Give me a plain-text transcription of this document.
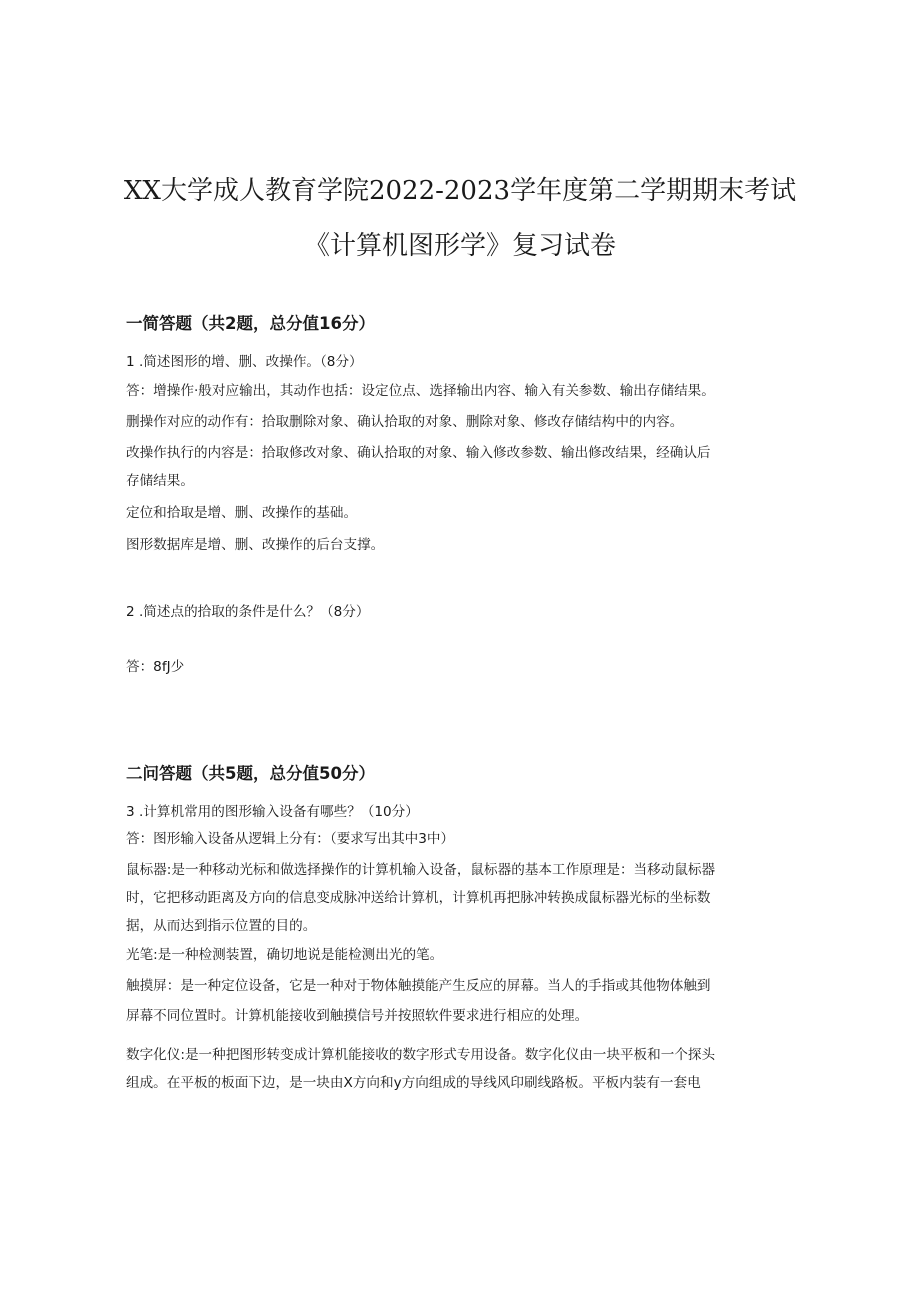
XX大学成人教育学院2022-2023学年度第二学期期末考试
《计算机图形学》复习试卷
一简答题（共2题，总分值16分）
1 .简述图形的增、删、改操作。（8分）
答：增操作·般对应输出，其动作也括：设定位点、选择输出内容、输入有关参数、输出存储结果。
删操作对应的动作有：拾取删除对象、确认拾取的对象、删除对象、修改存储结构中的内容。
改操作执行的内容是：拾取修改对象、确认拾取的对象、输入修改参数、输出修改结果，经确认后
存储结果。
定位和拾取是增、删、改操作的基础。
图形数据库是增、删、改操作的后台支撑。
2 .简述点的拾取的条件是什么？（8分）
答：8fJ少
二问答题（共5题，总分值50分）
3 .计算机常用的图形输入设备有哪些？（10分）
答：图形输入设备从逻辑上分有：（要求写出其中3中）
鼠标器:是一种移动光标和做选择操作的计算机输入设备，鼠标器的基本工作原理是：当移动鼠标器
时，它把移动距离及方向的信息变成脉冲送给计算机，计算机再把脉冲转换成鼠标器光标的坐标数
据，从而达到指示位置的目的。
光笔:是一种检测装置，确切地说是能检测出光的笔。
触摸屏：是一种定位设备，它是一种对于物体触摸能产生反应的屏幕。当人的手指或其他物体触到
屏幕不同位置时。计算机能接收到触摸信号并按照软件要求进行相应的处理。
数字化仪:是一种把图形转变成计算机能接收的数字形式专用设备。数字化仪由一块平板和一个探头
组成。在平板的板面下边，是一块由X方向和y方向组成的导线风印刷线路板。平板内装有一套电
